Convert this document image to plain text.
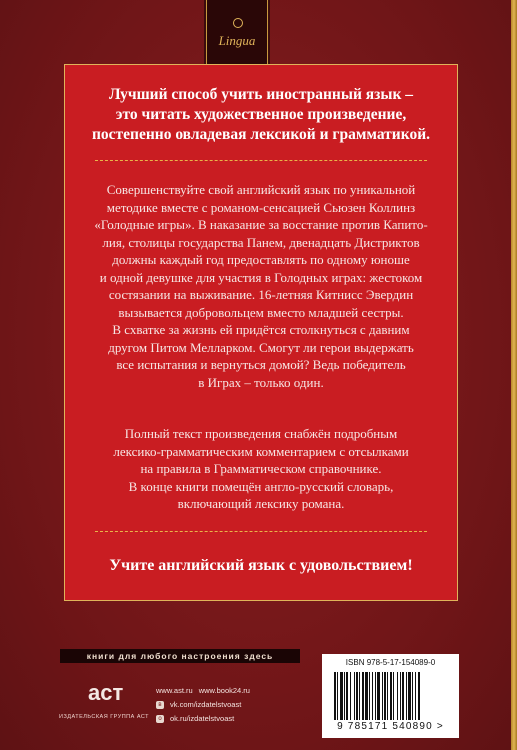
Lingua
Лучший способ учить иностранный язык –
это читать художественное произведение,
постепенно овладевая лексикой и грамматикой.
Совершенствуйте свой английский язык по уникальной
методике вместе с романом-сенсацией Сьюзен Коллинз
«Голодные игры». В наказание за восстание против Капито-
лия, столицы государства Панем, двенадцать Дистриктов
должны каждый год предоставлять по одному юноше
и одной девушке для участия в Голодных играх: жестоком
состязании на выживание. 16-летняя Китнисс Эвердин
вызывается добровольцем вместо младшей сестры.
В схватке за жизнь ей придётся столкнуться с давним
другом Питом Мелларком. Смогут ли герои выдержать
все испытания и вернуться домой? Ведь победитель
в Играх – только один.
Полный текст произведения снабжён подробным
лексико-грамматическим комментарием с отсылками
на правила в Грамматическом справочнике.
В конце книги помещён англо-русский словарь,
включающий лексику романа.
Учите английский язык с удовольствием!
книги для любого настроения здесь
аст
ИЗДАТЕЛЬСКАЯ ГРУППА АСТ
www.ast.ru www.book24.ru
в	vk.com/izdatelstvoast
о	ok.ru/izdatelstvoast
ISBN 978-5-17-154089-0
9 785171 540890 >
